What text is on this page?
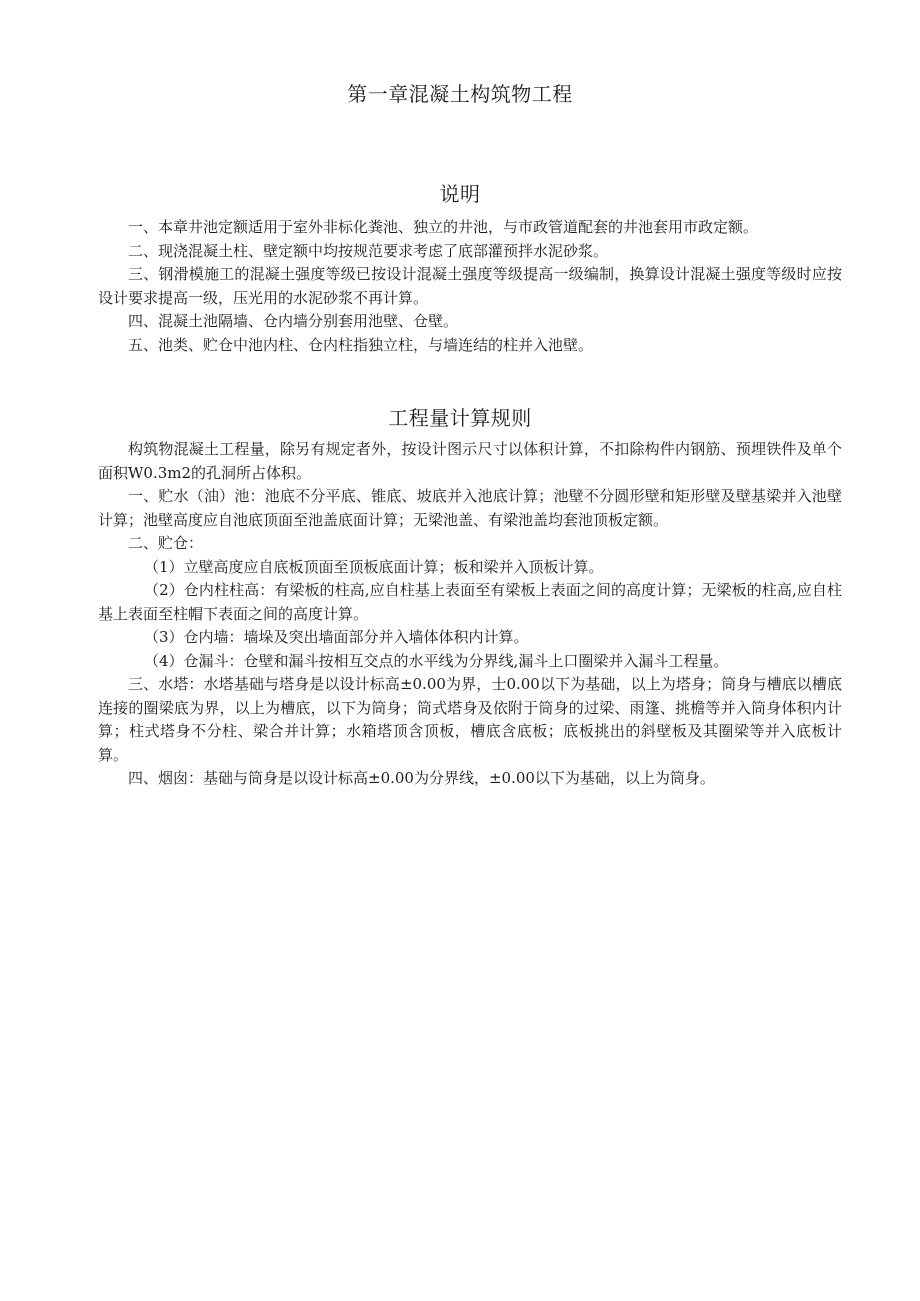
第一章混凝土构筑物工程
说明

一、本章井池定额适用于室外非标化粪池、独立的井池，与市政管道配套的井池套用市政定额。

二、现浇混凝土柱、壁定额中均按规范要求考虑了底部灌预拌水泥砂浆。

三、钢滑模施工的混凝土强度等级已按设计混凝土强度等级提高一级编制，换算设计混凝土强度等级时应按设计要求提高一级，压光用的水泥砂浆不再计算。

四、混凝土池隔墙、仓内墙分别套用池壁、仓壁。

五、池类、贮仓中池内柱、仓内柱指独立柱，与墙连结的柱并入池壁。

工程量计算规则

构筑物混凝土工程量，除另有规定者外，按设计图示尺寸以体积计算，不扣除构件内钢筋、预埋铁件及单个面积W0.3m2的孔洞所占体积。

一、贮水（油）池：池底不分平底、锥底、坡底并入池底计算；池壁不分圆形壁和矩形壁及壁基梁并入池壁计算；池壁高度应自池底顶面至池盖底面计算；无梁池盖、有梁池盖均套池顶板定额。

二、贮仓：

（1）立壁高度应自底板顶面至顶板底面计算；板和梁并入顶板计算。

（2）仓内柱柱高：有梁板的柱高,应自柱基上表面至有梁板上表面之间的高度计算；无梁板的柱高,应自柱基上表面至柱帽下表面之间的高度计算。

（3）仓内墙：墙垛及突出墙面部分并入墙体体积内计算。

（4）仓漏斗：仓壁和漏斗按相互交点的水平线为分界线,漏斗上口圈梁并入漏斗工程量。

三、水塔：水塔基础与塔身是以设计标高±0.00为界，士0.00以下为基础，以上为塔身；筒身与槽底以槽底连接的圈梁底为界，以上为槽底，以下为筒身；筒式塔身及依附于筒身的过梁、雨篷、挑檐等并入筒身体积内计算；柱式塔身不分柱、梁合并计算；水箱塔顶含顶板，槽底含底板；底板挑出的斜壁板及其圈梁等并入底板计算。

四、烟囱：基础与筒身是以设计标高±0.00为分界线，±0.00以下为基础，以上为筒身。
